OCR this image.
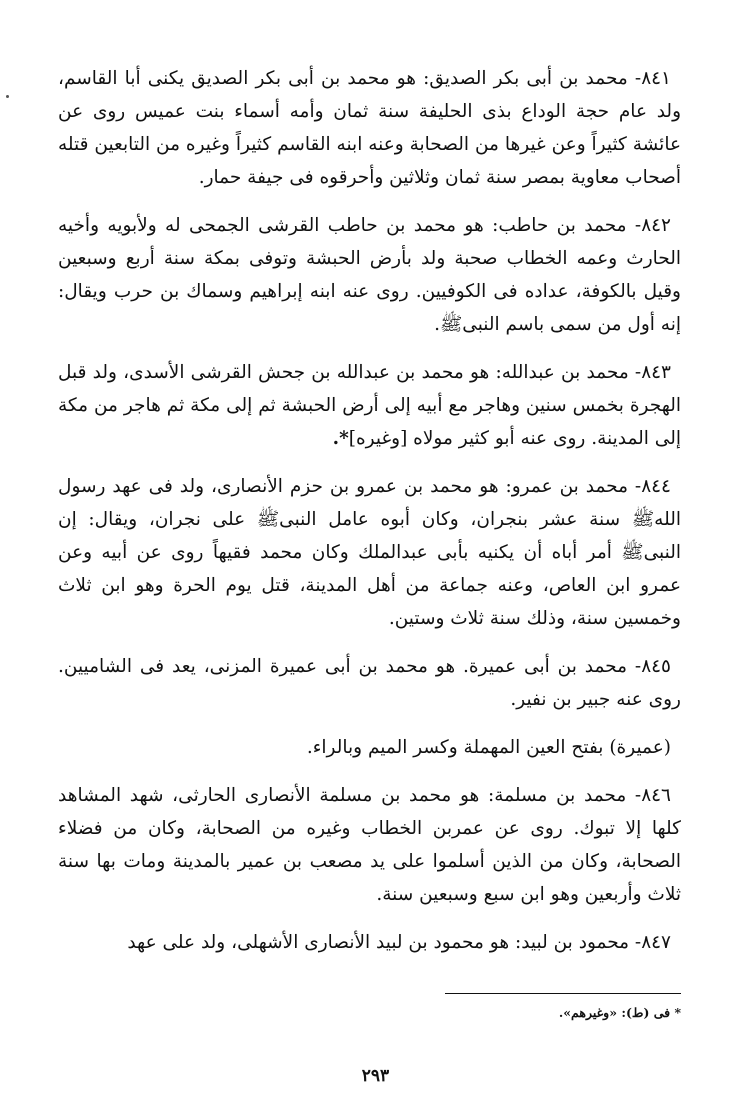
٨٤١- محمد بن أبى بكر الصديق: هو محمد بن أبى بكر الصديق يكنى أبا القاسم، ولد عام حجة الوداع بذى الحليفة سنة ثمان وأمه أسماء بنت عميس روى عن عائشة كثيراً وعن غيرها من الصحابة وعنه ابنه القاسم كثيراً وغيره من التابعين قتله أصحاب معاوية بمصر سنة ثمان وثلاثين وأحرقوه فى جيفة حمار.

٨٤٢- محمد بن حاطب: هو محمد بن حاطب القرشى الجمحى له ولأبويه وأخيه الحارث وعمه الخطاب صحبة ولد بأرض الحبشة وتوفى بمكة سنة أربع وسبعين وقيل بالكوفة، عداده فى الكوفيين. روى عنه ابنه إبراهيم وسماك بن حرب ويقال: إنه أول من سمى باسم النبىﷺ.

٨٤٣- محمد بن عبدالله: هو محمد بن عبدالله بن جحش القرشى الأسدى، ولد قبل الهجرة بخمس سنين وهاجر مع أبيه إلى أرض الحبشة ثم إلى مكة ثم هاجر من مكة إلى المدينة. روى عنه أبو كثير مولاه [وغيره]*.

٨٤٤- محمد بن عمرو: هو محمد بن عمرو بن حزم الأنصارى، ولد فى عهد رسول اللهﷺ سنة عشر بنجران، وكان أبوه عامل النبىﷺ على نجران، ويقال: إن النبىﷺ أمر أباه أن يكنيه بأبى عبدالملك وكان محمد فقيهاً روى عن أبيه وعن عمرو ابن العاص، وعنه جماعة من أهل المدينة، قتل يوم الحرة وهو ابن ثلاث وخمسين سنة، وذلك سنة ثلاث وستين.

٨٤٥- محمد بن أبى عميرة. هو محمد بن أبى عميرة المزنى، يعد فى الشاميين. روى عنه جبير بن نفير.

(عميرة) بفتح العين المهملة وكسر الميم وبالراء.

٨٤٦- محمد بن مسلمة: هو محمد بن مسلمة الأنصارى الحارثى، شهد المشاهد كلها إلا تبوك. روى عن عمربن الخطاب وغيره من الصحابة، وكان من فضلاء الصحابة، وكان من الذين أسلموا على يد مصعب بن عمير بالمدينة ومات بها سنة ثلاث وأربعين وهو ابن سبع وسبعين سنة.

٨٤٧- محمود بن لبيد: هو محمود بن لبيد الأنصارى الأشهلى، ولد على عهد

* فى (ط): «وغيرهم».
٢٩٣
